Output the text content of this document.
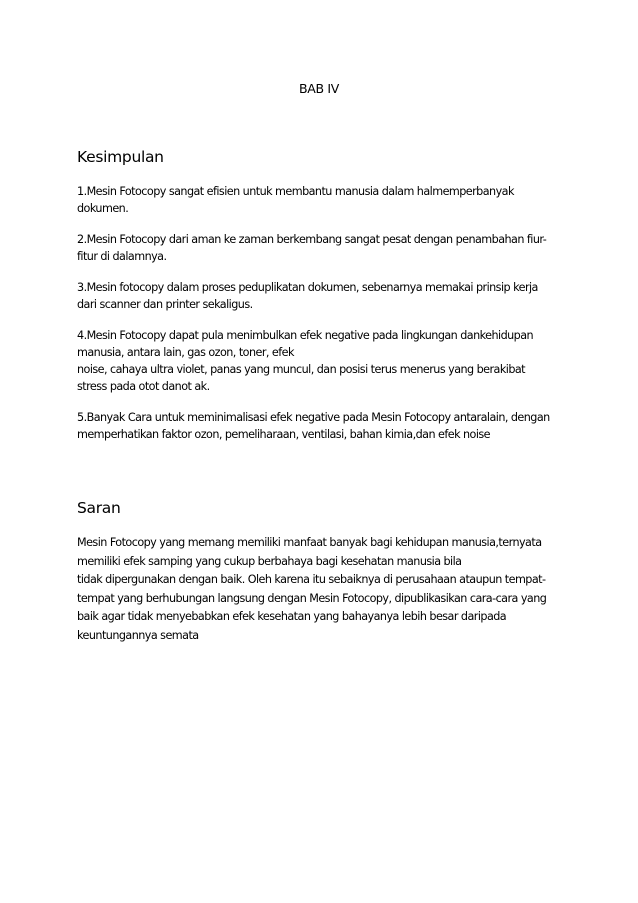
BAB IV
Kesimpulan
1.Mesin Fotocopy sangat efisien untuk membantu manusia dalam halmemperbanyak
dokumen.
2.Mesin Fotocopy dari aman ke zaman berkembang sangat pesat dengan penambahan fiur-
fitur di dalamnya.
3.Mesin fotocopy dalam proses peduplikatan dokumen, sebenarnya memakai prinsip kerja
dari scanner dan printer sekaligus.
4.Mesin Fotocopy dapat pula menimbulkan efek negative pada lingkungan dankehidupan
manusia, antara lain, gas ozon, toner, efek
noise, cahaya ultra violet, panas yang muncul, dan posisi terus menerus yang berakibat
stress pada otot danot ak.
5.Banyak Cara untuk meminimalisasi efek negative pada Mesin Fotocopy antaralain, dengan
memperhatikan faktor ozon, pemeliharaan, ventilasi, bahan kimia,dan efek noise
Saran
Mesin Fotocopy yang memang memiliki manfaat banyak bagi kehidupan manusia,ternyata
memiliki efek samping yang cukup berbahaya bagi kesehatan manusia bila
tidak dipergunakan dengan baik. Oleh karena itu sebaiknya di perusahaan ataupun tempat-
tempat yang berhubungan langsung dengan Mesin Fotocopy, dipublikasikan cara-cara yang
baik agar tidak menyebabkan efek kesehatan yang bahayanya lebih besar daripada
keuntungannya semata
